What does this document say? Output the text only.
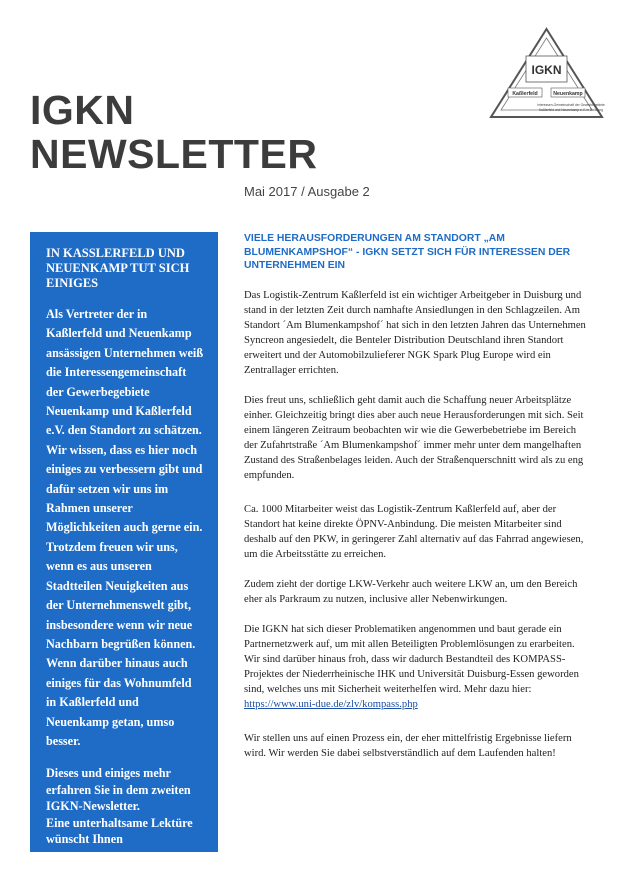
IGKN
NEWSLETTER
IGKN
Kaßlerfeld	Neuenkamp
Interessen-Gemeinschaft der Gewerbegebiete
Kaßlerfeld und Neuenkamp e.V. in Duisburg
Mai 2017 / Ausgabe 2
IN KASSLERFELD UND NEUENKAMP TUT SICH EINIGES

Als Vertreter der in Kaßlerfeld und Neuenkamp ansässigen Unternehmen weiß die Interessengemeinschaft der Gewerbegebiete Neuenkamp und Kaßlerfeld e.V. den Standort zu schätzen. Wir wissen, dass es hier noch einiges zu verbessern gibt und dafür setzen wir uns im Rahmen unserer Möglichkeiten auch gerne ein. Trotzdem freuen wir uns, wenn es aus unseren Stadtteilen Neuigkeiten aus der Unternehmenswelt gibt, insbesondere wenn wir neue Nachbarn begrüßen können. Wenn darüber hinaus auch einiges für das Wohnumfeld in Kaßlerfeld und Neuenkamp getan, umso besser.

Dieses und einiges mehr erfahren Sie in dem zweiten IGKN-Newsletter.
Eine unterhaltsame Lektüre wünscht Ihnen

Ihr IGKN-Vorstand

VIELE HERAUSFORDERUNGEN AM STANDORT „AM BLUMENKAMPSHOF“ - IGKN SETZT SICH FÜR INTERESSEN DER UNTERNEHMEN EIN

Das Logistik-Zentrum Kaßlerfeld ist ein wichtiger Arbeitgeber in Duisburg und stand in der letzten Zeit durch namhafte Ansiedlungen in den Schlagzeilen. Am Standort ´Am Blumenkampshof´ hat sich in den letzten Jahren das Unternehmen Syncreon angesiedelt, die Benteler Distribution Deutschland ihren Standort erweitert und der Automobilzulieferer NGK Spark Plug Europe wird ein Zentrallager errichten.

Dies freut uns, schließlich geht damit auch die Schaffung neuer Arbeitsplätze einher. Gleichzeitig bringt dies aber auch neue Herausforderungen mit sich. Seit einem längeren Zeitraum beobachten wir wie die Gewerbebetriebe im Bereich der Zufahrtstraße ´Am Blumenkampshof´ immer mehr unter dem mangelhaften Zustand des Straßenbelages leiden. Auch der Straßenquerschnitt wird als zu eng empfunden.

Ca. 1000 Mitarbeiter weist das Logistik-Zentrum Kaßlerfeld auf, aber der Standort hat keine direkte ÖPNV-Anbindung. Die meisten Mitarbeiter sind deshalb auf den PKW, in geringerer Zahl alternativ auf das Fahrrad angewiesen, um die Arbeitsstätte zu erreichen.

Zudem zieht der dortige LKW-Verkehr auch weitere LKW an, um den Bereich eher als Parkraum zu nutzen, inclusive aller Nebenwirkungen.

Die IGKN hat sich dieser Problematiken angenommen und baut gerade ein Partnernetzwerk auf, um mit allen Beteiligten Problemlösungen zu erarbeiten. Wir sind darüber hinaus froh, dass wir dadurch Bestandteil des KOMPASS-Projektes der Niederrheinische IHK und Universität Duisburg-Essen geworden sind, welches uns mit Sicherheit weiterhelfen wird. Mehr dazu hier: https://www.uni-due.de/zlv/kompass.php

Wir stellen uns auf einen Prozess ein, der eher mittelfristig Ergebnisse liefern wird. Wir werden Sie dabei selbstverständlich auf dem Laufenden halten!
